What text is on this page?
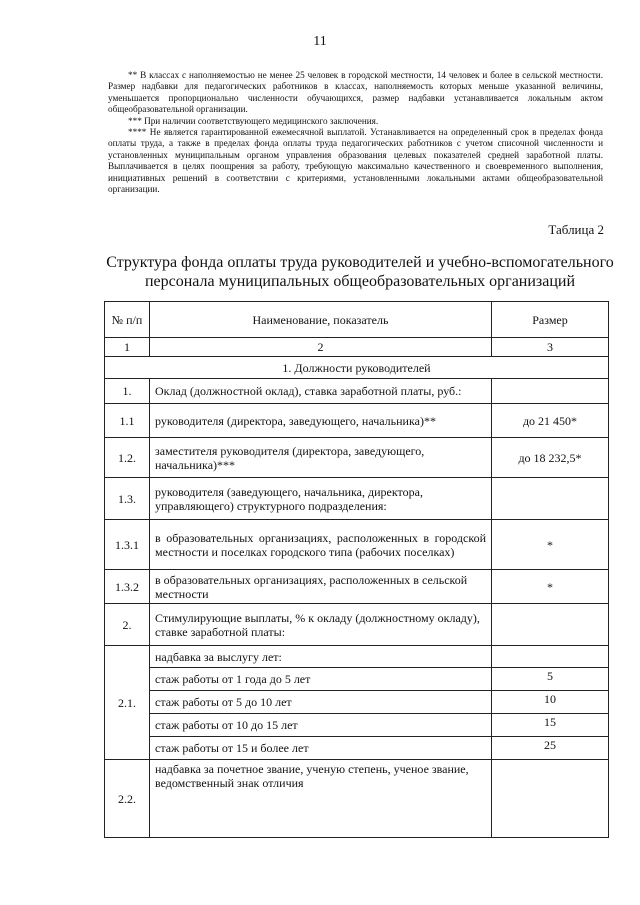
11

** В классах с наполняемостью не менее 25 человек в городской местности, 14 человек и более в сельской местности. Размер надбавки для педагогических работников в классах, наполняемость которых меньше указанной величины, уменьшается пропорционально численности обучающихся, размер надбавки устанавливается локальным актом общеобразовательной организации.

*** При наличии соответствующего медицинского заключения.

**** Не является гарантированной ежемесячной выплатой. Устанавливается на определенный срок в пределах фонда оплаты труда, а также в пределах фонда оплаты труда педагогических работников с учетом списочной численности и установленных муниципальным органом управления образования целевых показателей средней заработной платы. Выплачивается в целях поощрения за работу, требующую максимально качественного и своевременного выполнения, инициативных решений в соответствии с критериями, установленными локальными актами общеобразовательной организации.

Таблица 2
Структура фонда оплаты труда руководителей и учебно-вспомогательного
персонала муниципальных общеобразовательных организаций
№ п/п	Наименование, показатель	Размер
1	2	3
1. Должности руководителей		
1.	Оклад (должностной оклад), ставка заработной платы, руб.:	
1.1	руководителя (директора, заведующего, начальника)**	до 21 450*
1.2.	заместителя руководителя (директора, заведующего, начальника)***	до 18 232,5*
1.3.	руководителя (заведующего, начальника, директора, управляющего) структурного подразделения:	
1.3.1	в образовательных организациях, расположенных в городской местности и поселках городского типа (рабочих поселках)	*
1.3.2	в образовательных организациях, расположенных в сельской местности	*
2.	Стимулирующие выплаты, % к окладу (должностному окладу), ставке заработной платы:	
2.1.	надбавка за выслугу лет:	
	стаж работы от 1 года до 5 лет	5
	стаж работы от 5 до 10 лет	10
	стаж работы от 10 до 15 лет	15
	стаж работы от 15 и более лет	25
2.2.	надбавка за почетное звание, ученую степень, ученое звание, ведомственный знак отличия	
